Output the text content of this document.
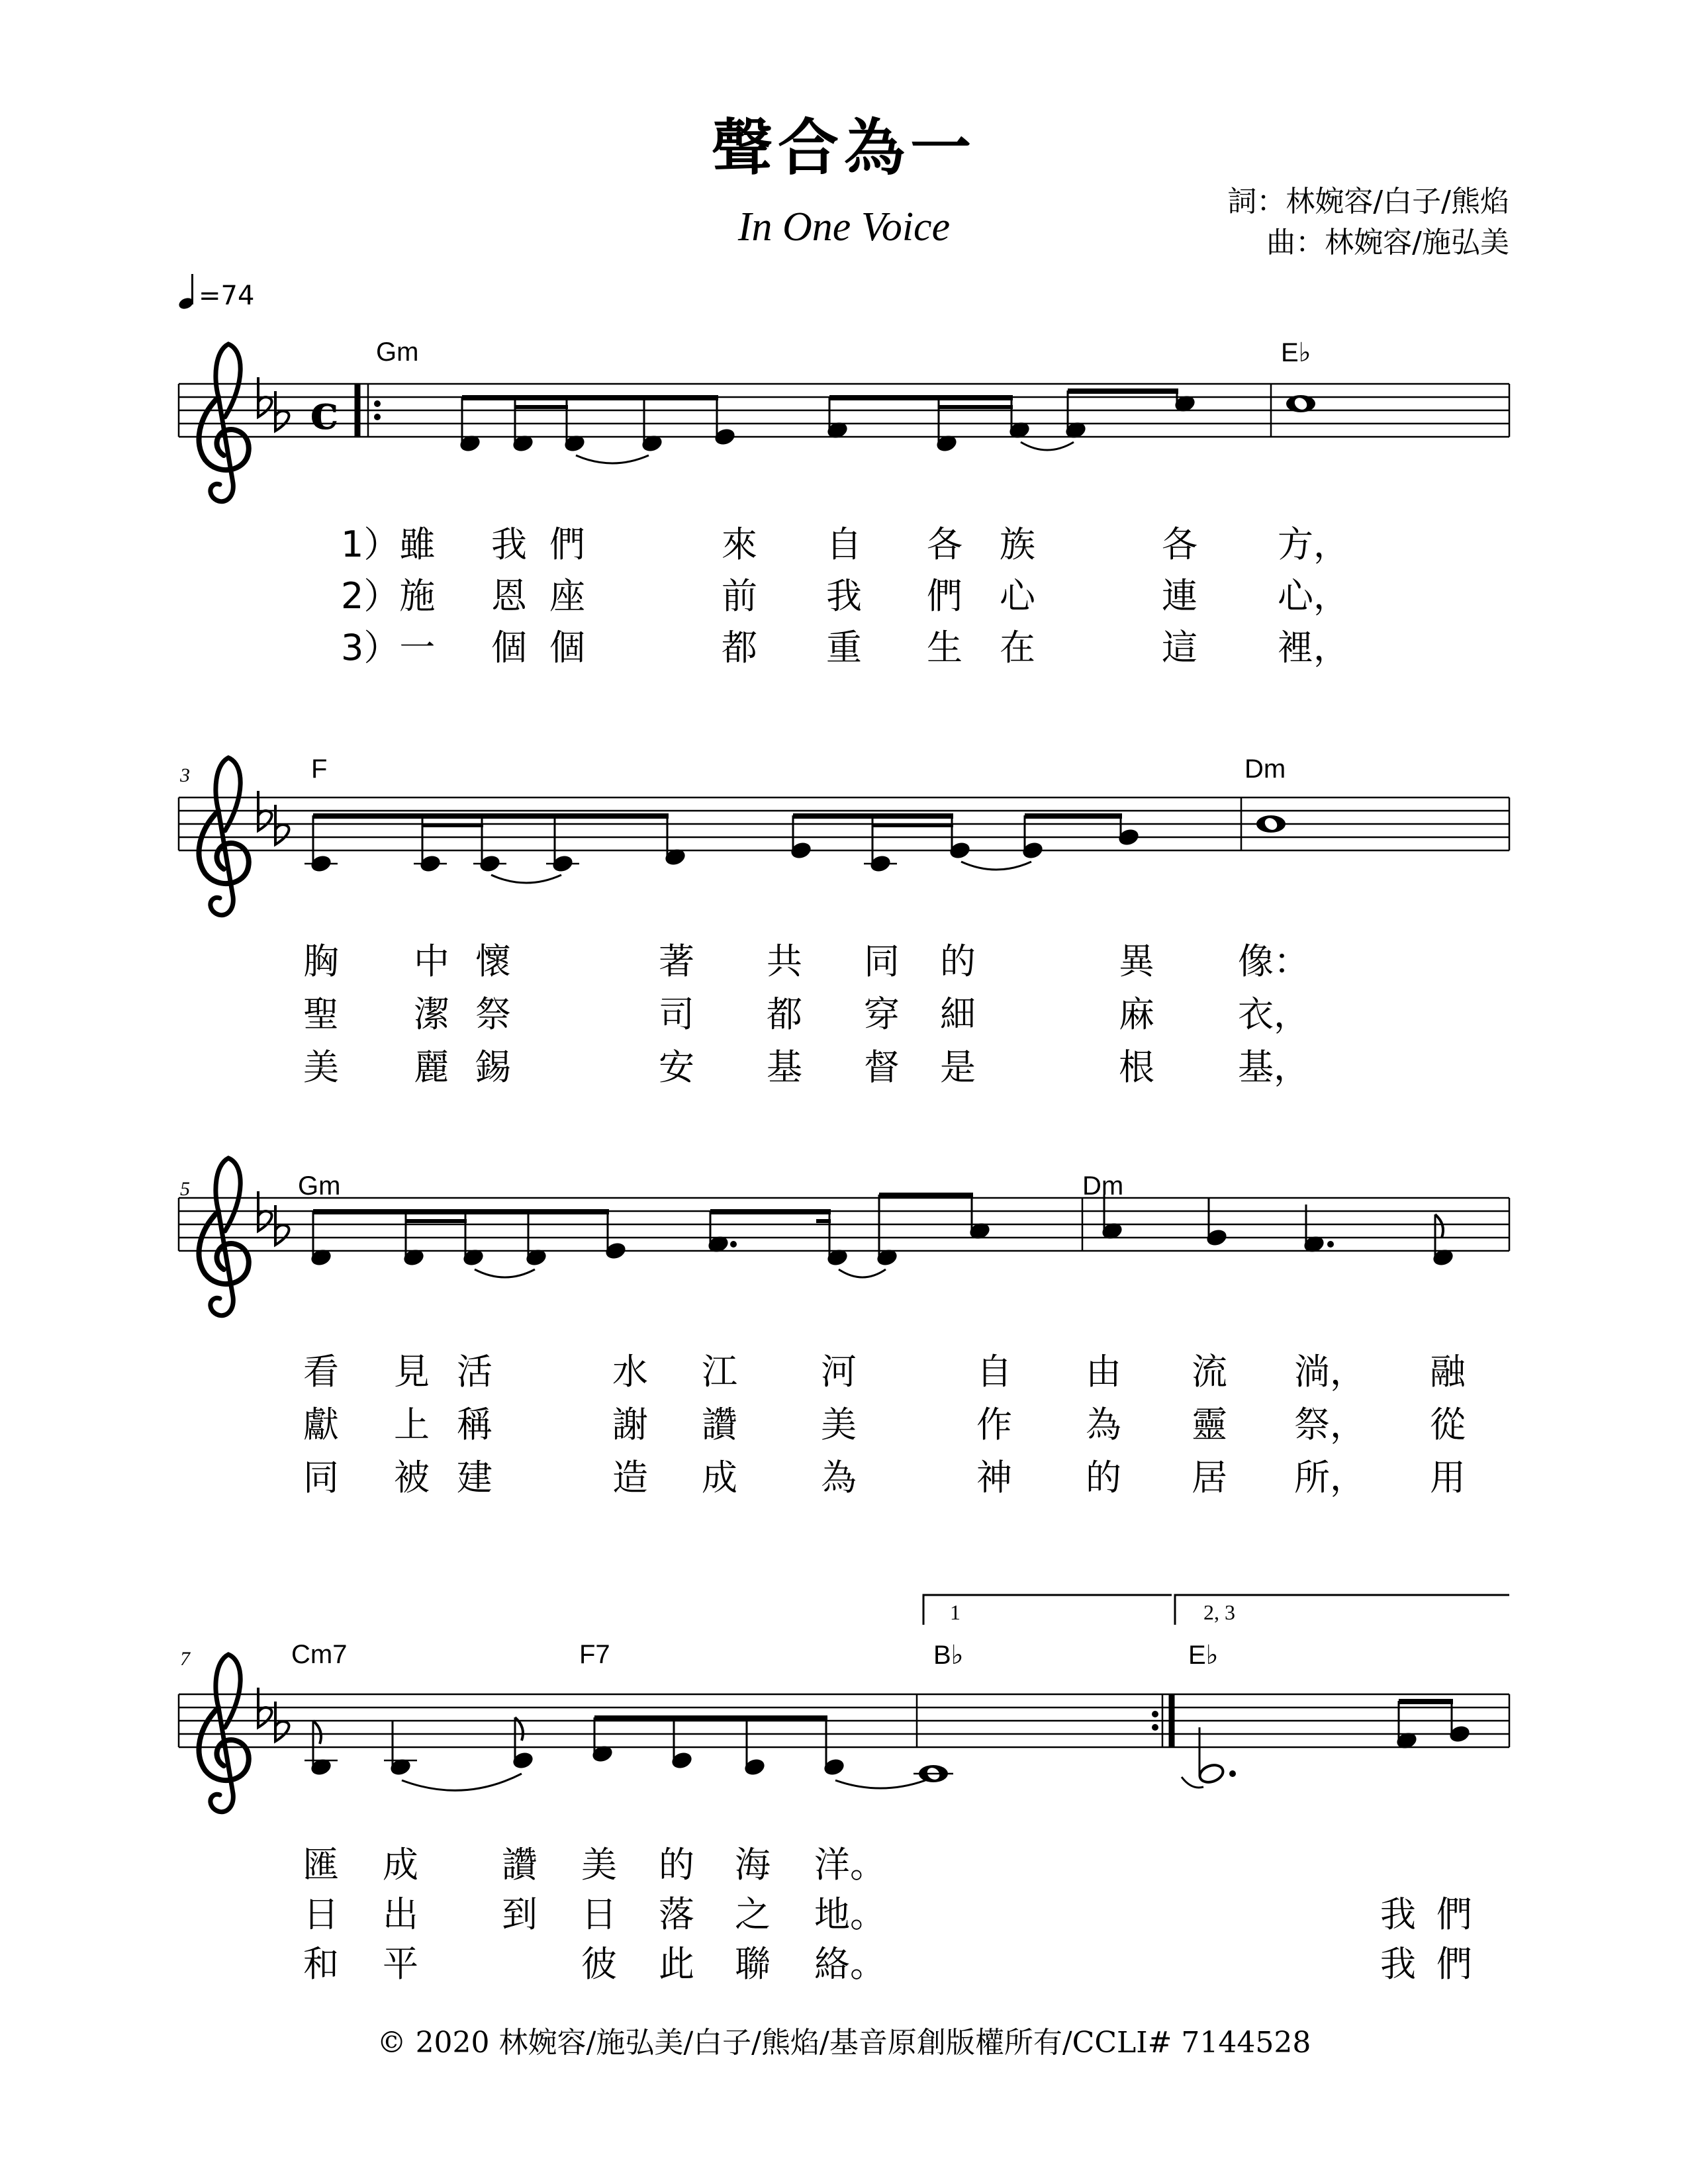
聲合為一
In One Voice
詞：林婉容/白子/熊焰
曲：林婉容/施弘美
=74
c
3
5
7
Gm	E♭
F	Dm
Gm	Dm
Cm7	F7	B♭	E♭
1	2, 3
1）雖 我 們	來 自 各 族	各 方，
2）施 恩 座	前 我 們 心	連 心，
3）一 個 個	都 重 生 在	這 裡，
胸 中 懷	著 共 同 的	異 像：
聖 潔 祭	司 都 穿 細	麻 衣，
美 麗 錫	安 基 督 是	根 基，
看 見 活	水 江 河	自 由 流 淌， 融
獻 上 稱	謝 讚 美	作 為 靈 祭， 從
同 被 建	造 成 為	神 的 居 所， 用
匯 成 讚 美 的 海 洋。
日 出 到 日 落 之 地。	我 們
和 平	彼 此 聯 絡。	我 們
© 2020 林婉容/施弘美/白子/熊焰/基音原創版權所有/CCLI# 7144528
